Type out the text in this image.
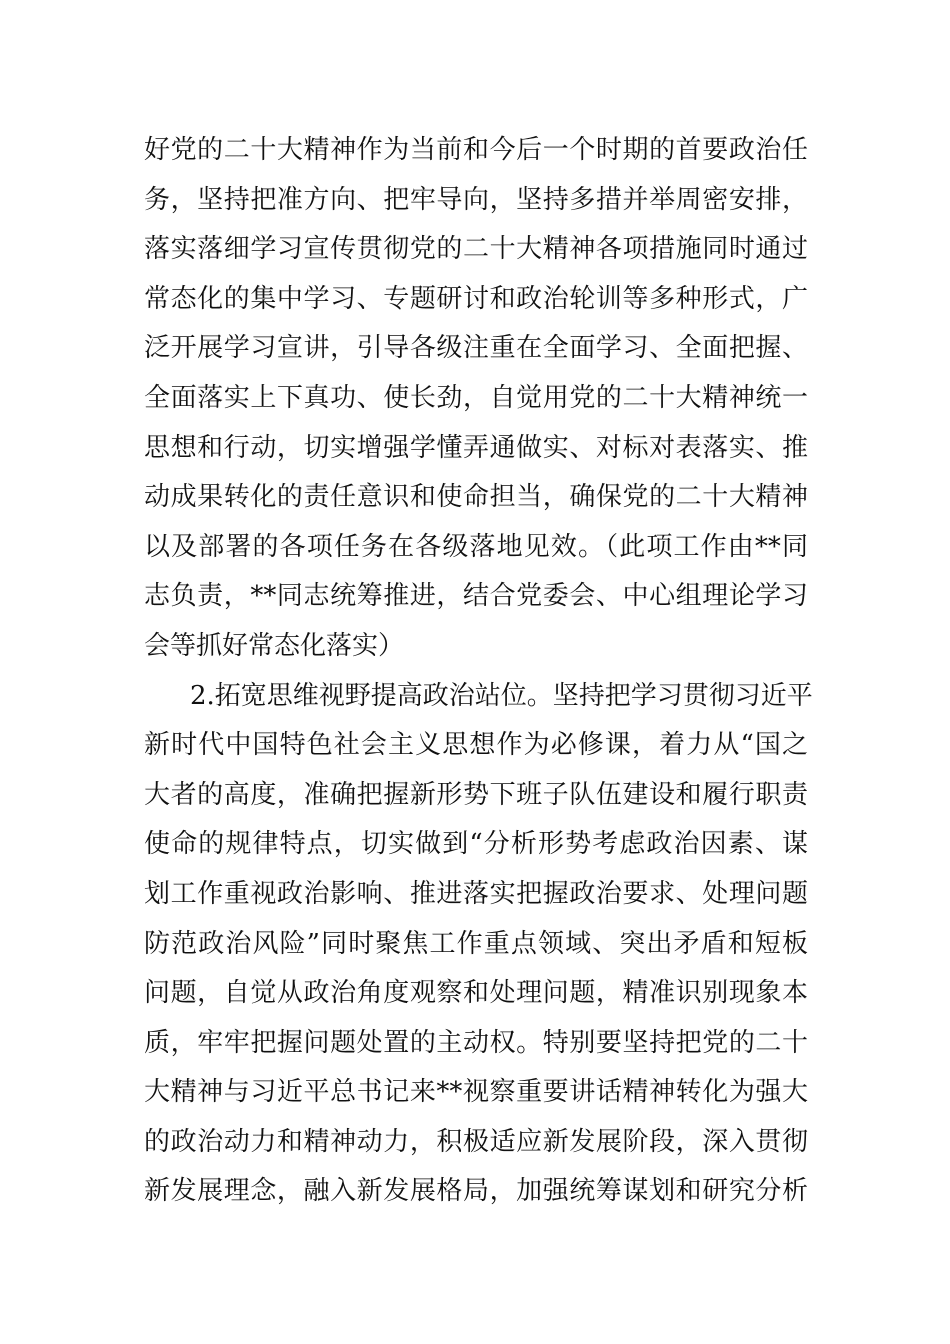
好党的二十大精神作为当前和今后一个时期的首要政治任
务，坚持把准方向、把牢导向，坚持多措并举周密安排，
落实落细学习宣传贯彻党的二十大精神各项措施同时通过
常态化的集中学习、专题研讨和政治轮训等多种形式，广
泛开展学习宣讲，引导各级注重在全面学习、全面把握、
全面落实上下真功、使长劲，自觉用党的二十大精神统一
思想和行动，切实增强学懂弄通做实、对标对表落实、推
动成果转化的责任意识和使命担当，确保党的二十大精神
以及部署的各项任务在各级落地见效。（此项工作由**同
志负责，**同志统筹推进，结合党委会、中心组理论学习
会等抓好常态化落实）
2.拓宽思维视野提高政治站位。坚持把学习贯彻习近平
新时代中国特色社会主义思想作为必修课，着力从“国之
大者的高度，准确把握新形势下班子队伍建设和履行职责
使命的规律特点，切实做到“分析形势考虑政治因素、谋
划工作重视政治影响、推进落实把握政治要求、处理问题
防范政治风险”同时聚焦工作重点领域、突出矛盾和短板
问题，自觉从政治角度观察和处理问题，精准识别现象本
质，牢牢把握问题处置的主动权。特别要坚持把党的二十
大精神与习近平总书记来**视察重要讲话精神转化为强大
的政治动力和精神动力，积极适应新发展阶段，深入贯彻
新发展理念，融入新发展格局，加强统筹谋划和研究分析
